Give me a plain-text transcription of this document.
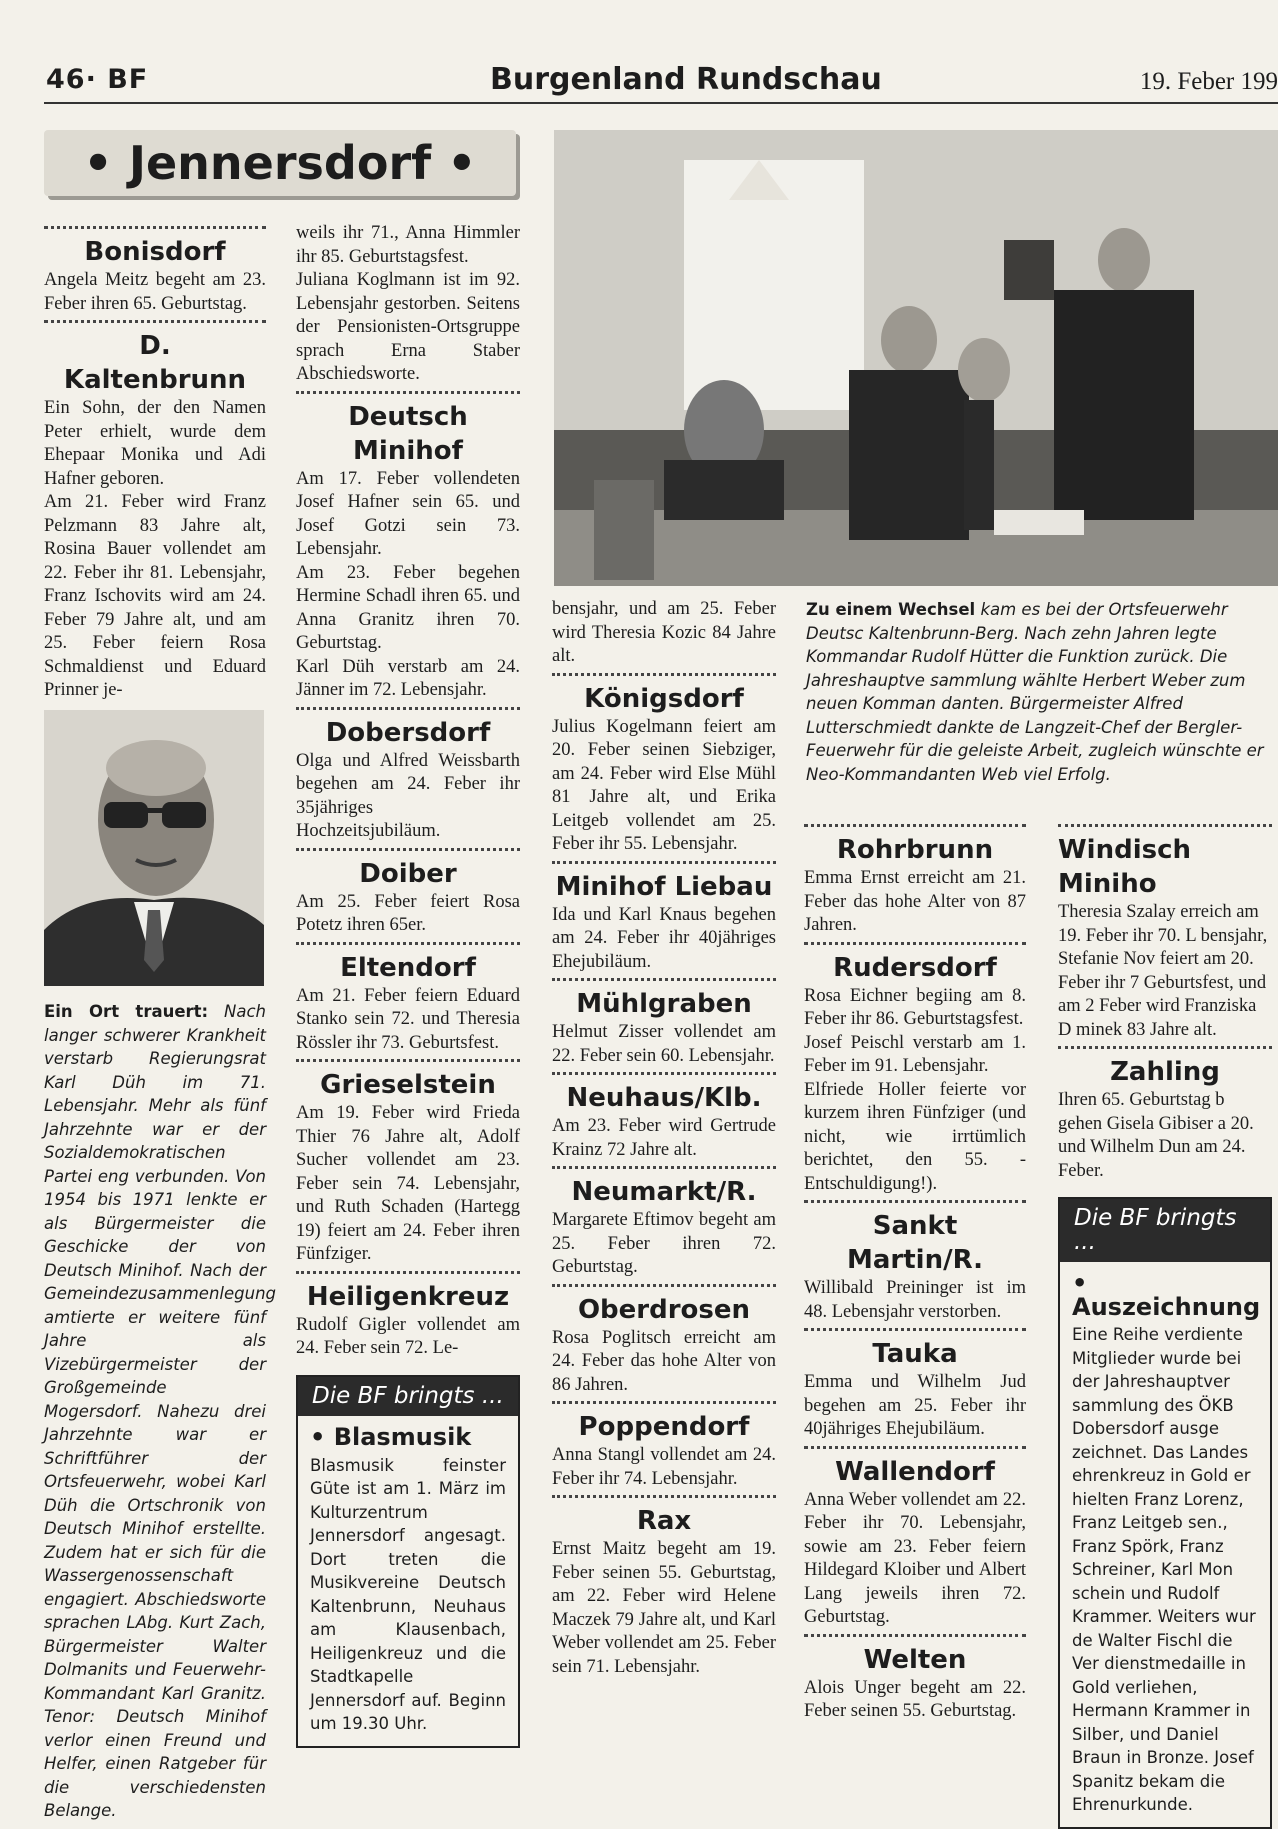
46· BF	Burgenland Rundschau	19. Feber 199
• Jennersdorf •
Bonisdorf

Angela Meitz begeht am 23. Feber ihren 65. Geburtstag.

D. Kaltenbrunn

Ein Sohn, der den Namen Peter erhielt, wurde dem Ehepaar Monika und Adi Hafner geboren.

Am 21. Feber wird Franz Pelzmann 83 Jahre alt, Rosina Bauer vollendet am 22. Feber ihr 81. Lebensjahr, Franz Ischovits wird am 24. Feber 79 Jahre alt, und am 25. Feber feiern Rosa Schmaldienst und Eduard Prinner je-

Ein Ort trauert: Nach langer schwerer Krankheit verstarb Regierungsrat Karl Düh im 71. Lebensjahr. Mehr als fünf Jahrzehnte war er der Sozialdemokratischen Partei eng verbunden. Von 1954 bis 1971 lenkte er als Bürgermeister die Geschicke der von Deutsch Minihof. Nach der Gemeindezusammenlegung amtierte er weitere fünf Jahre als Vizebürgermeister der Großgemeinde Mogersdorf. Nahezu drei Jahrzehnte war er Schriftführer der Ortsfeuerwehr, wobei Karl Düh die Ortschronik von Deutsch Minihof erstellte. Zudem hat er sich für die Wassergenossenschaft engagiert. Abschiedsworte sprachen LAbg. Kurt Zach, Bürgermeister Walter Dolmanits und Feuerwehr-Kommandant Karl Granitz. Tenor: Deutsch Minihof verlor einen Freund und Helfer, einen Ratgeber für die verschiedensten Belange.

weils ihr 71., Anna Himmler ihr 85. Geburtstagsfest.

Juliana Koglmann ist im 92. Lebensjahr gestorben. Seitens der Pensionisten-Ortsgruppe sprach Erna Staber Abschiedsworte.

Deutsch Minihof

Am 17. Feber vollendeten Josef Hafner sein 65. und Josef Gotzi sein 73. Lebensjahr.

Am 23. Feber begehen Hermine Schadl ihren 65. und Anna Granitz ihren 70. Geburtstag.

Karl Düh verstarb am 24. Jänner im 72. Lebensjahr.

Dobersdorf

Olga und Alfred Weissbarth begehen am 24. Feber ihr 35jähriges Hochzeitsjubiläum.

Doiber

Am 25. Feber feiert Rosa Potetz ihren 65er.

Eltendorf

Am 21. Feber feiern Eduard Stanko sein 72. und Theresia Rössler ihr 73. Geburtsfest.

Grieselstein

Am 19. Feber wird Frieda Thier 76 Jahre alt, Adolf Sucher vollendet am 23. Feber sein 74. Lebensjahr, und Ruth Schaden (Hartegg 19) feiert am 24. Feber ihren Fünfziger.

Heiligenkreuz

Rudolf Gigler vollendet am 24. Feber sein 72. Le-

Die BF bringts ...
• Blasmusik
Blasmusik feinster Güte ist am 1. März im Kulturzentrum Jennersdorf angesagt. Dort treten die Musikvereine Deutsch Kaltenbrunn, Neuhaus am Klausenbach, Heiligenkreuz und die Stadtkapelle Jennersdorf auf. Beginn um 19.30 Uhr.

bensjahr, und am 25. Feber wird Theresia Kozic 84 Jahre alt.

Königsdorf

Julius Kogelmann feiert am 20. Feber seinen Siebziger, am 24. Feber wird Else Mühl 81 Jahre alt, und Erika Leitgeb vollendet am 25. Feber ihr 55. Lebensjahr.

Minihof Liebau

Ida und Karl Knaus begehen am 24. Feber ihr 40jähriges Ehejubiläum.

Mühlgraben

Helmut Zisser vollendet am 22. Feber sein 60. Lebensjahr.

Neuhaus/Klb.

Am 23. Feber wird Gertrude Krainz 72 Jahre alt.

Neumarkt/R.

Margarete Eftimov begeht am 25. Feber ihren 72. Geburtstag.

Oberdrosen

Rosa Poglitsch erreicht am 24. Feber das hohe Alter von 86 Jahren.

Poppendorf

Anna Stangl vollendet am 24. Feber ihr 74. Lebensjahr.

Rax

Ernst Maitz begeht am 19. Feber seinen 55. Geburtstag, am 22. Feber wird Helene Maczek 79 Jahre alt, und Karl Weber vollendet am 25. Feber sein 71. Lebensjahr.

Zu einem Wechsel kam es bei der Ortsfeuerwehr Deutsc Kaltenbrunn-Berg. Nach zehn Jahren legte Kommandar Rudolf Hütter die Funktion zurück. Die Jahreshauptve sammlung wählte Herbert Weber zum neuen Komman danten. Bürgermeister Alfred Lutterschmiedt dankte de Langzeit-Chef der Bergler-Feuerwehr für die geleiste Arbeit, zugleich wünschte er Neo-Kommandanten Web viel Erfolg.

Rohrbrunn

Emma Ernst erreicht am 21. Feber das hohe Alter von 87 Jahren.

Rudersdorf

Rosa Eichner begiing am 8. Feber ihr 86. Geburtstagsfest.

Josef Peischl verstarb am 1. Feber im 91. Lebensjahr.

Elfriede Holler feierte vor kurzem ihren Fünfziger (und nicht, wie irrtümlich berichtet, den 55. - Entschuldigung!).

Sankt Martin/R.

Willibald Preininger ist im 48. Lebensjahr verstorben.

Tauka

Emma und Wilhelm Jud begehen am 25. Feber ihr 40jähriges Ehejubiläum.

Wallendorf

Anna Weber vollendet am 22. Feber ihr 70. Lebensjahr, sowie am 23. Feber feiern Hildegard Kloiber und Albert Lang jeweils ihren 72. Geburtstag.

Welten

Alois Unger begeht am 22. Feber seinen 55. Geburtstag.

Windisch Miniho

Theresia Szalay erreich am 19. Feber ihr 70. L bensjahr, Stefanie Nov feiert am 20. Feber ihr 7 Geburtsfest, und am 2 Feber wird Franziska D minek 83 Jahre alt.

Zahling

Ihren 65. Geburtstag b gehen Gisela Gibiser a 20. und Wilhelm Dun am 24. Feber.

Die BF bringts ...
• Auszeichnung
Eine Reihe verdiente Mitglieder wurde bei der Jahreshauptver sammlung des ÖKB Dobersdorf ausge zeichnet. Das Landes ehrenkreuz in Gold er hielten Franz Lorenz, Franz Leitgeb sen., Franz Spörk, Franz Schreiner, Karl Mon schein und Rudolf Krammer. Weiters wur de Walter Fischl die Ver dienstmedaille in Gold verliehen, Hermann Krammer in Silber, und Daniel Braun in Bronze. Josef Spanitz bekam die Ehrenurkunde.
